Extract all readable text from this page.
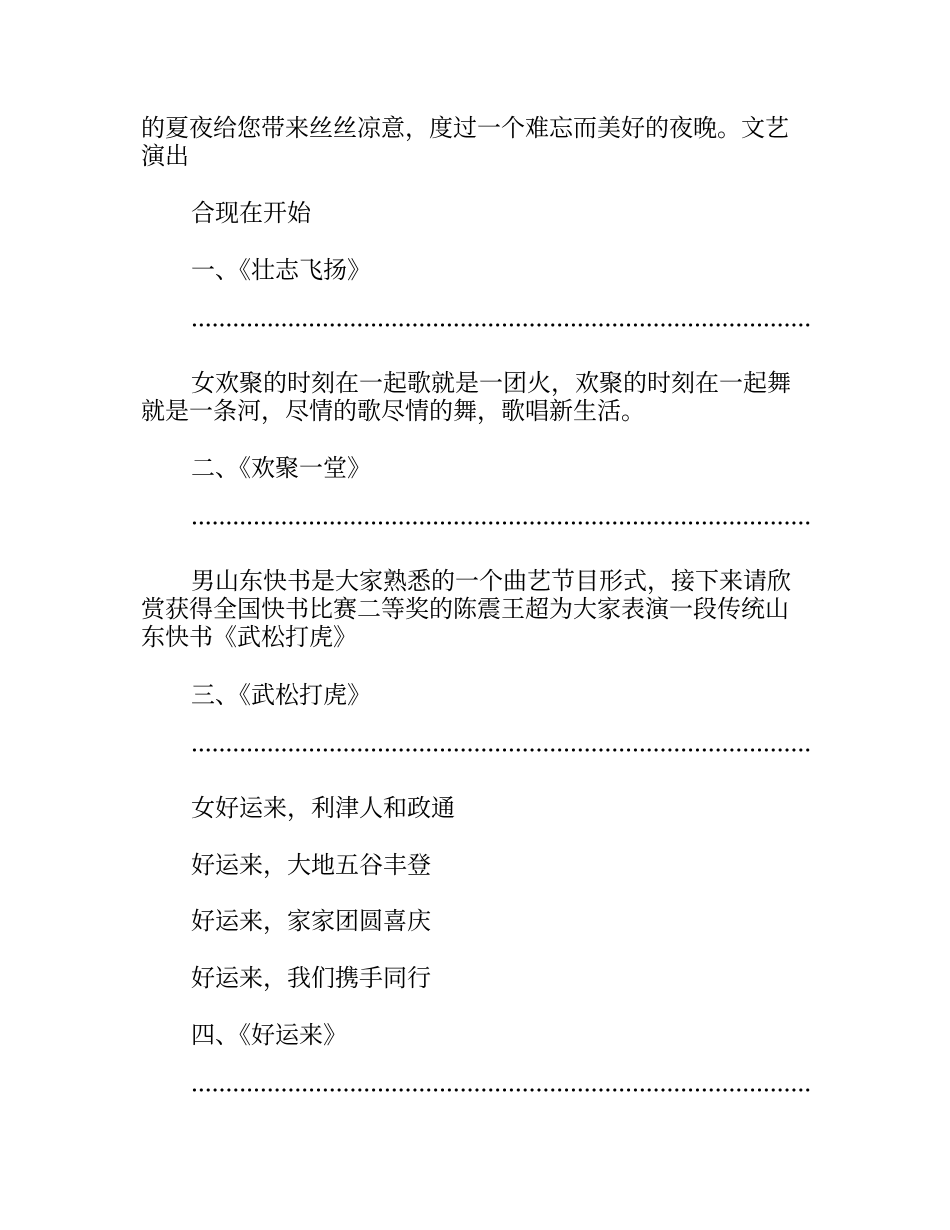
的夏夜给您带来丝丝凉意，度过一个难忘而美好的夜晚。文艺演出

合现在开始

一、《壮志飞扬》

女欢聚的时刻在一起歌就是一团火，欢聚的时刻在一起舞就是一条河，尽情的歌尽情的舞，歌唱新生活。

二、《欢聚一堂》

男山东快书是大家熟悉的一个曲艺节目形式，接下来请欣赏获得全国快书比赛二等奖的陈震王超为大家表演一段传统山东快书《武松打虎》

三、《武松打虎》

女好运来，利津人和政通

好运来，大地五谷丰登

好运来，家家团圆喜庆

好运来，我们携手同行

四、《好运来》
